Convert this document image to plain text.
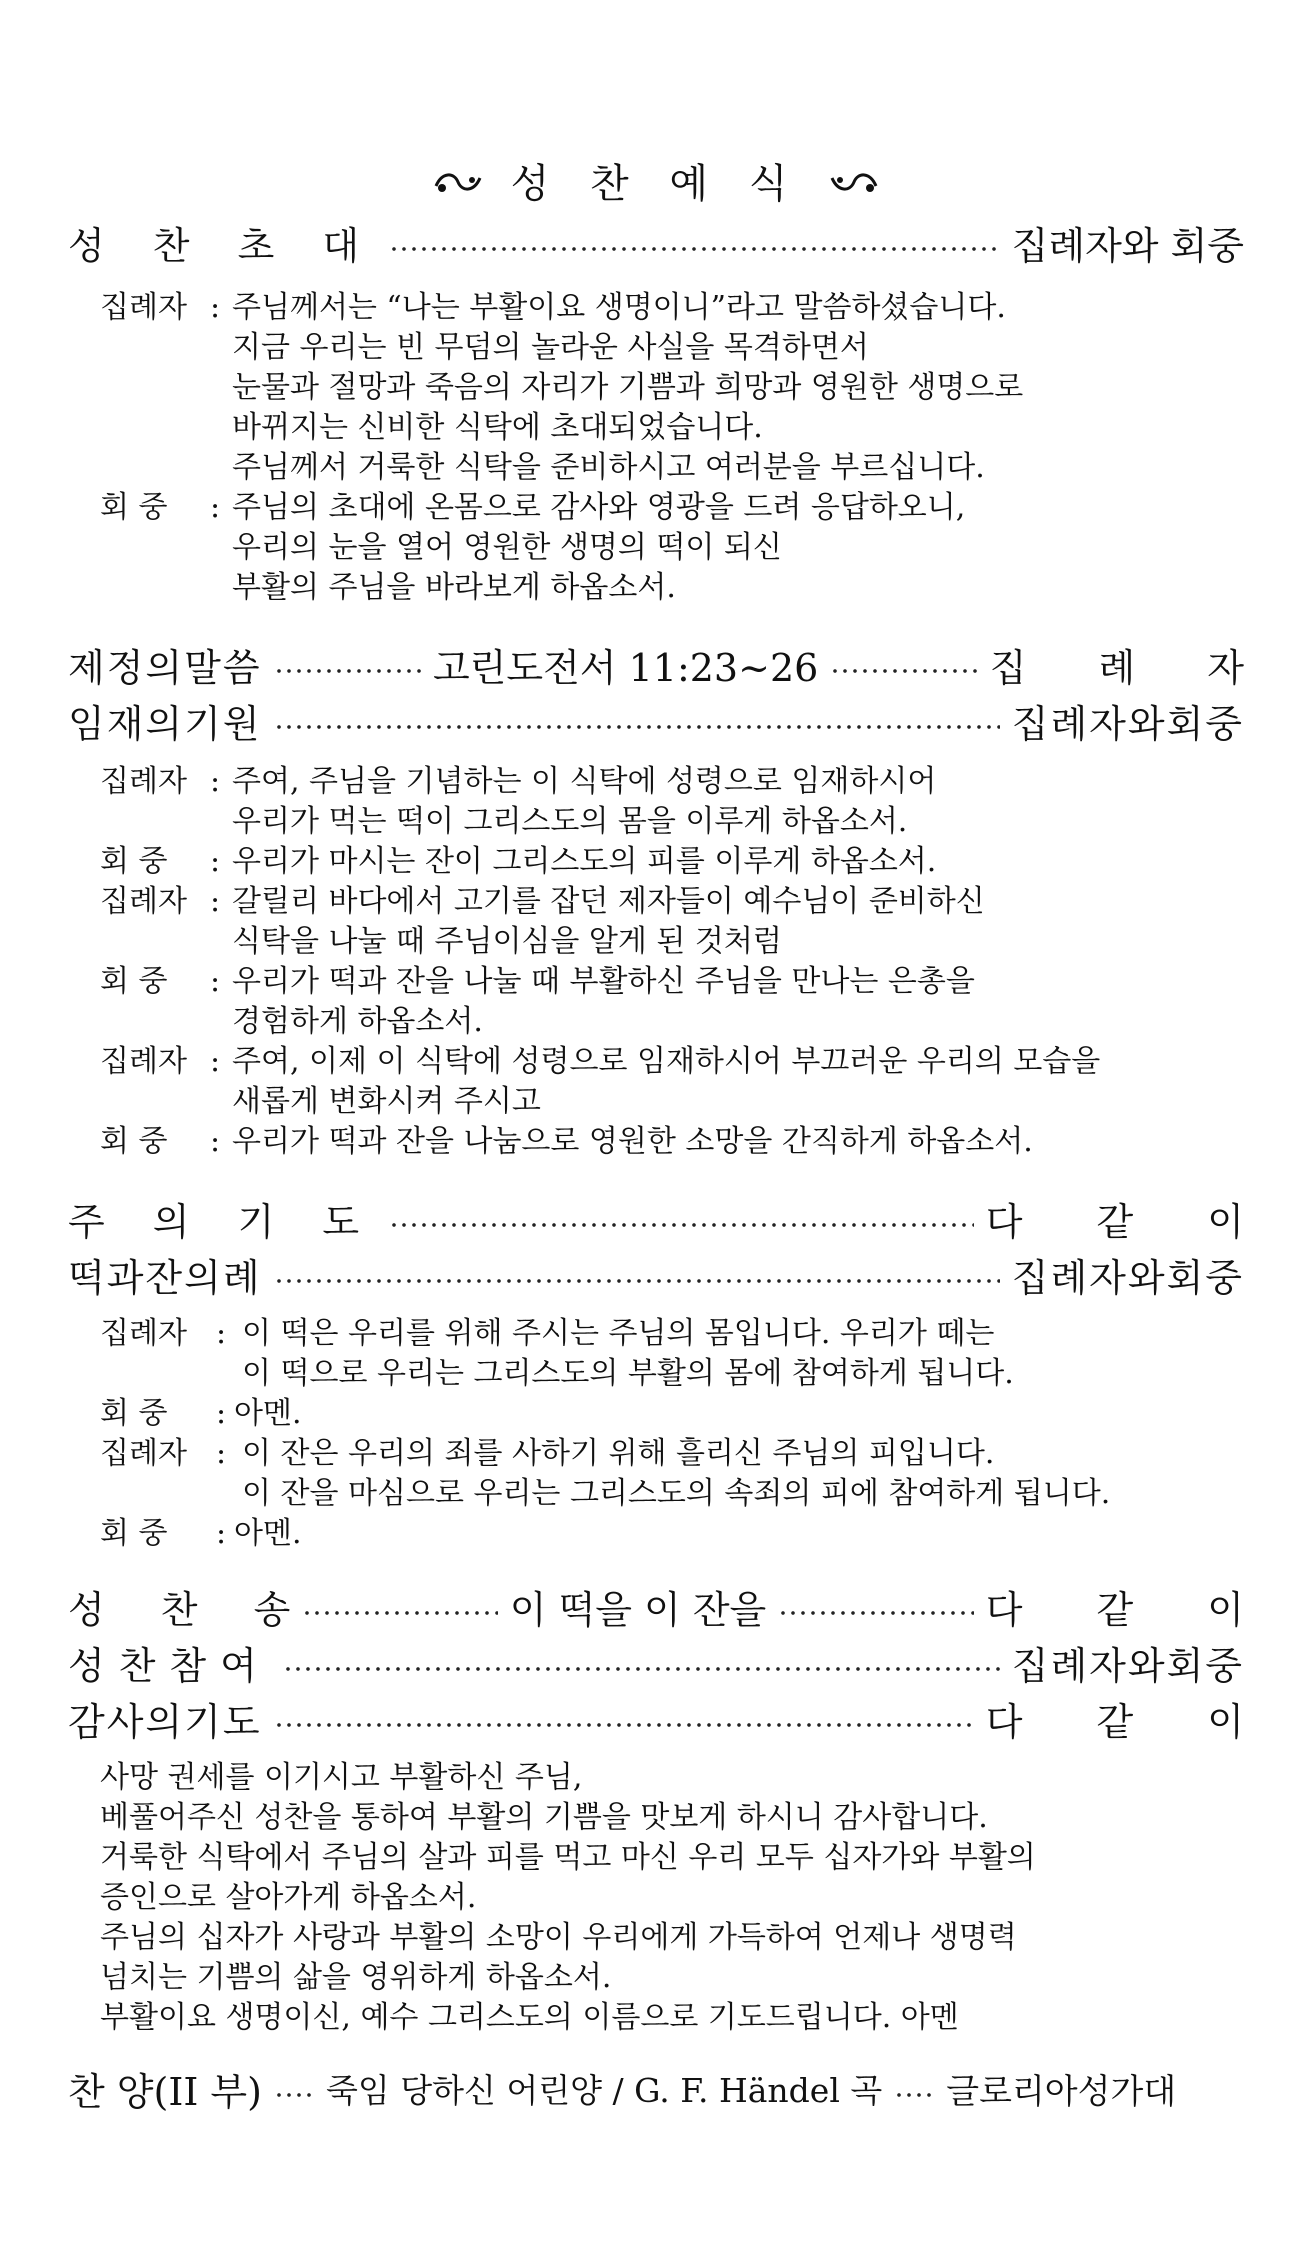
성 찬 예 식
성 찬 초 대	집례자와 회중
집례자 : 주님께서는 “나는 부활이요 생명이니”라고 말씀하셨습니다.
지금 우리는 빈 무덤의 놀라운 사실을 목격하면서
눈물과 절망과 죽음의 자리가 기쁨과 희망과 영원한 생명으로
바뀌지는 신비한 식탁에 초대되었습니다.
주님께서 거룩한 식탁을 준비하시고 여러분을 부르십니다.
회 중 : 주님의 초대에 온몸으로 감사와 영광을 드려 응답하오니,
우리의 눈을 열어 영원한 생명의 떡이 되신
부활의 주님을 바라보게 하옵소서.
제정의말씀	고린도전서 11:23~26	집 례 자
임재의기원	집례자와회중
집례자 : 주여, 주님을 기념하는 이 식탁에 성령으로 임재하시어
우리가 먹는 떡이 그리스도의 몸을 이루게 하옵소서.
회 중 : 우리가 마시는 잔이 그리스도의 피를 이루게 하옵소서.
집례자 : 갈릴리 바다에서 고기를 잡던 제자들이 예수님이 준비하신
식탁을 나눌 때 주님이심을 알게 된 것처럼
회 중 : 우리가 떡과 잔을 나눌 때 부활하신 주님을 만나는 은총을
경험하게 하옵소서.
집례자 : 주여, 이제 이 식탁에 성령으로 임재하시어 부끄러운 우리의 모습을
새롭게 변화시켜 주시고
회 중 : 우리가 떡과 잔을 나눔으로 영원한 소망을 간직하게 하옵소서.
주 의 기 도	다 같 이
떡과잔의례	집례자와회중
집례자 : 이 떡은 우리를 위해 주시는 주님의 몸입니다. 우리가 떼는
이 떡으로 우리는 그리스도의 부활의 몸에 참여하게 됩니다.
회 중 : 아멘.
집례자 : 이 잔은 우리의 죄를 사하기 위해 흘리신 주님의 피입니다.
이 잔을 마심으로 우리는 그리스도의 속죄의 피에 참여하게 됩니다.
회 중 : 아멘.
성 찬 송	이 떡을 이 잔을	다 같 이
성찬참여	집례자와회중
감사의기도	다 같 이
사망 권세를 이기시고 부활하신 주님,
베풀어주신 성찬을 통하여 부활의 기쁨을 맛보게 하시니 감사합니다.
거룩한 식탁에서 주님의 살과 피를 먹고 마신 우리 모두 십자가와 부활의
증인으로 살아가게 하옵소서.
주님의 십자가 사랑과 부활의 소망이 우리에게 가득하여 언제나 생명력
넘치는 기쁨의 삶을 영위하게 하옵소서.
부활이요 생명이신, 예수 그리스도의 이름으로 기도드립니다. 아멘
찬 양(II 부) 죽임 당하신 어린양 / G. F. Händel 곡 글로리아성가대
